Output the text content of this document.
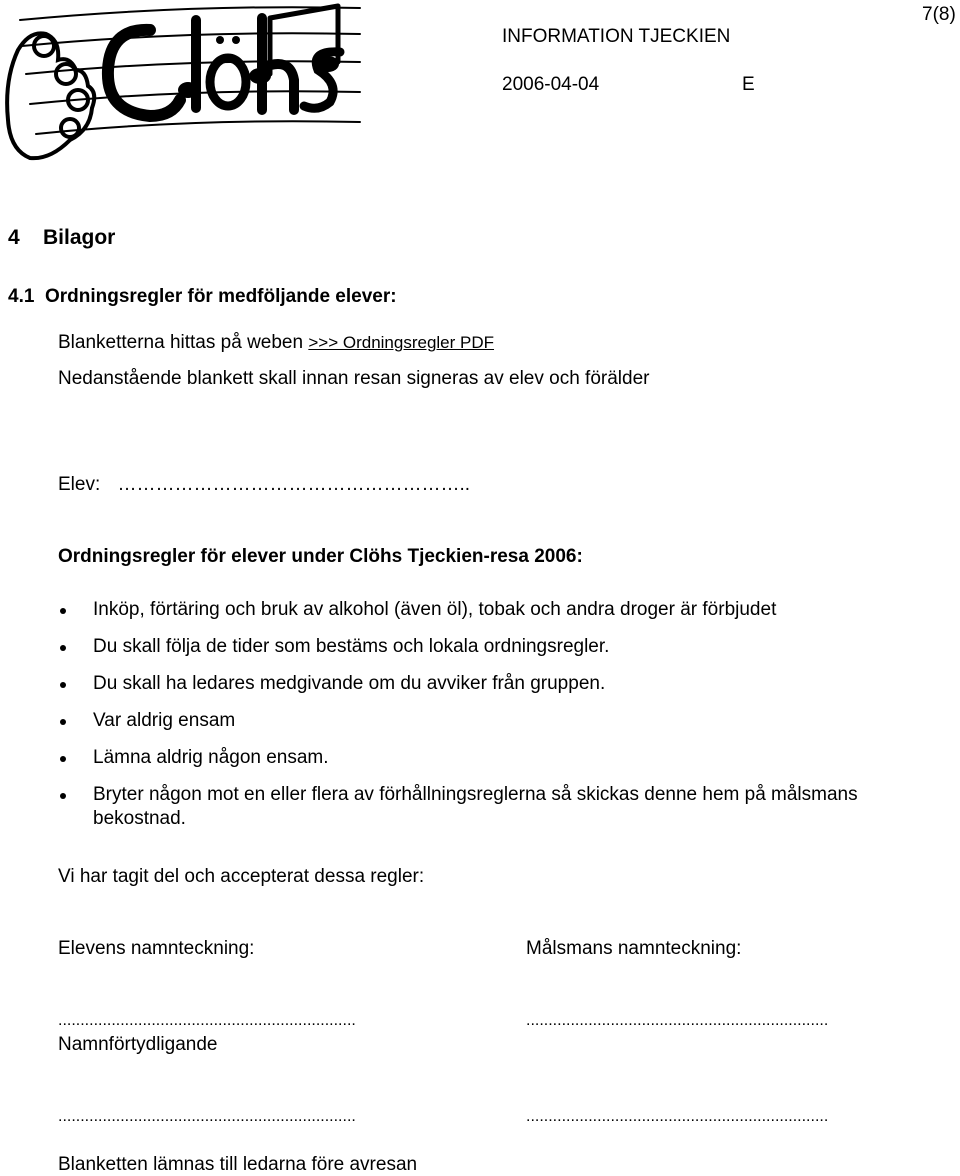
7(8)
INFORMATION TJECKIEN
2006-04-04	E
4    Bilagor
4.1  Ordningsregler för medföljande elever:
Blanketterna hittas på weben >>> Ordningsregler PDF
Nedanstående blankett skall innan resan signeras av elev och förälder
Elev: ………………………………………………..
Ordningsregler för elever under Clöhs Tjeckien-resa 2006:
Inköp, förtäring och bruk av alkohol (även öl), tobak och andra droger är förbjudet
Du skall följa de tider som bestäms och lokala ordningsregler.
Du skall ha ledares medgivande om du avviker från gruppen.
Var aldrig ensam
Lämna aldrig någon ensam.
Bryter någon mot en eller flera av förhållningsreglerna så skickas denne hem på målsmans bekostnad.
Vi har tagit del och accepterat dessa regler:
Elevens namnteckning:	Målsmans namnteckning:
...................................................................	....................................................................
Namnförtydligande
...................................................................	....................................................................
Blanketten lämnas till ledarna före avresan
